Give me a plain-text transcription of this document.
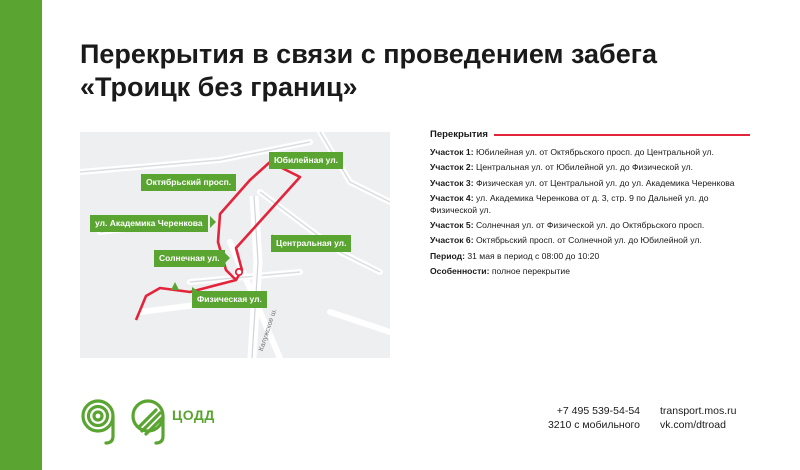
Перекрытия в связи с проведением забега
«Троицк без границ»
Юбилейная ул.
Октябрьский просп.
ул. Академика Черенкова
Центральная ул.
Солнечная ул.
Физическая ул.
Калужское ш.
Перекрытия
Участок 1: Юбилейная ул. от Октябрьского просп. до Центральной ул.
Участок 2: Центральная ул. от Юбилейной ул. до Физической ул.
Участок 3: Физическая ул. от Центральной ул. до ул. Академика Черенкова
Участок 4: ул. Академика Черенкова от д. 3, стр. 9 по Дальней ул. до Физической ул.
Участок 5: Солнечная ул. от Физической ул. до Октябрьского просп.
Участок 6: Октябрьский просп. от Солнечной ул. до Юбилейной ул.
Период: 31 мая в период с 08:00 до 10:20
Особенности: полное перекрытие
ЦОДД	+7 495 539-54-54
3210 с мобильного
transport.mos.ru
vk.com/dtroad
